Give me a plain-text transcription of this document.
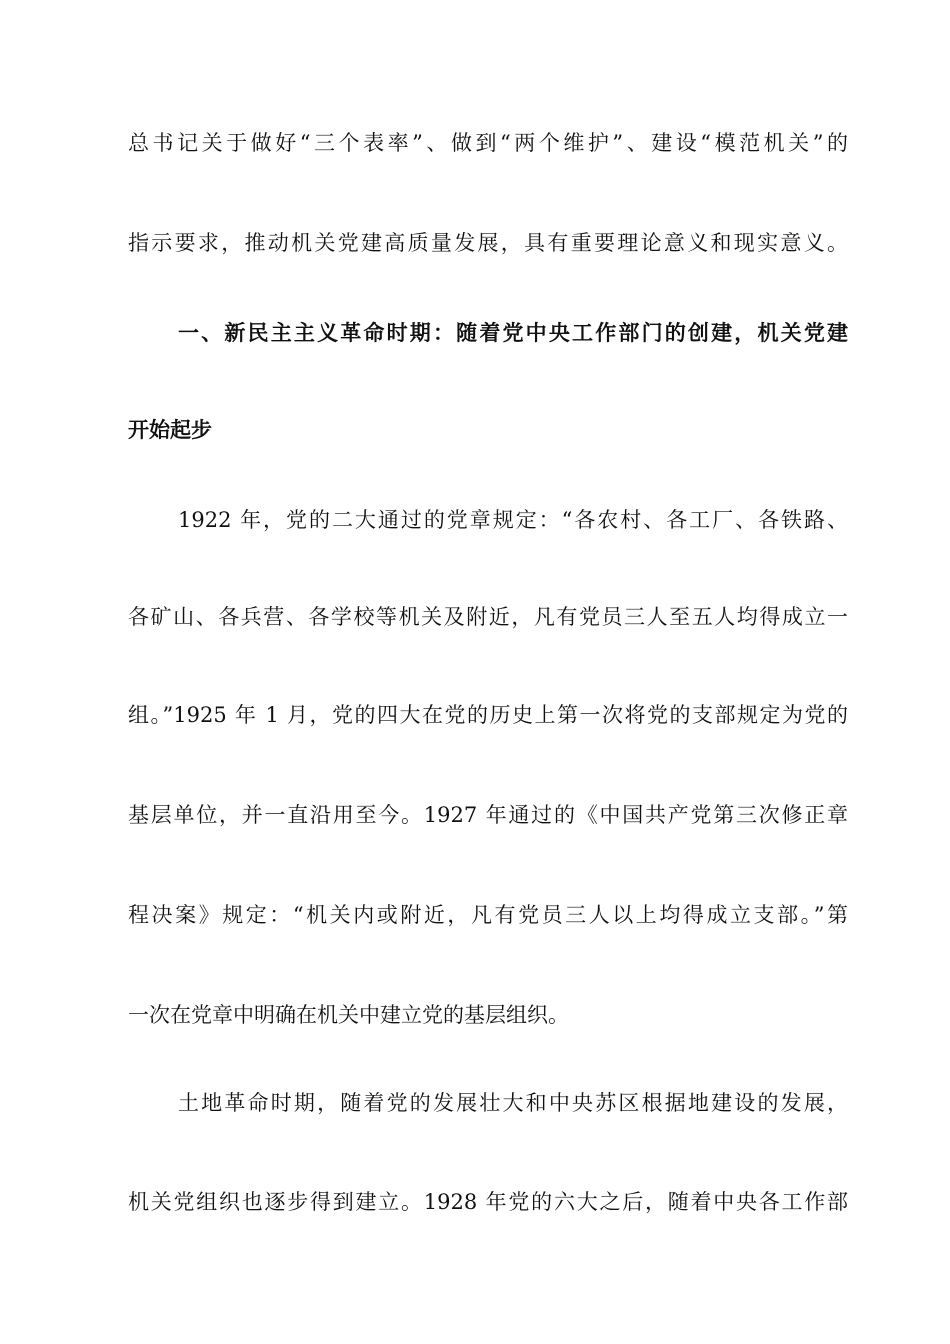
总书记关于做好“三个表率”、做到“两个维护”、建设“模范机关”的
指示要求，推动机关党建高质量发展，具有重要理论意义和现实意义。
一、新民主主义革命时期：随着党中央工作部门的创建，机关党建
开始起步
1922 年，党的二大通过的党章规定：“各农村、各工厂、各铁路、
各矿山、各兵营、各学校等机关及附近，凡有党员三人至五人均得成立一
组。”1925 年 1 月，党的四大在党的历史上第一次将党的支部规定为党的
基层单位，并一直沿用至今。1927 年通过的《中国共产党第三次修正章
程决案》规定：“机关内或附近，凡有党员三人以上均得成立支部。”第
一次在党章中明确在机关中建立党的基层组织。
土地革命时期，随着党的发展壮大和中央苏区根据地建设的发展，
机关党组织也逐步得到建立。1928 年党的六大之后，随着中央各工作部
